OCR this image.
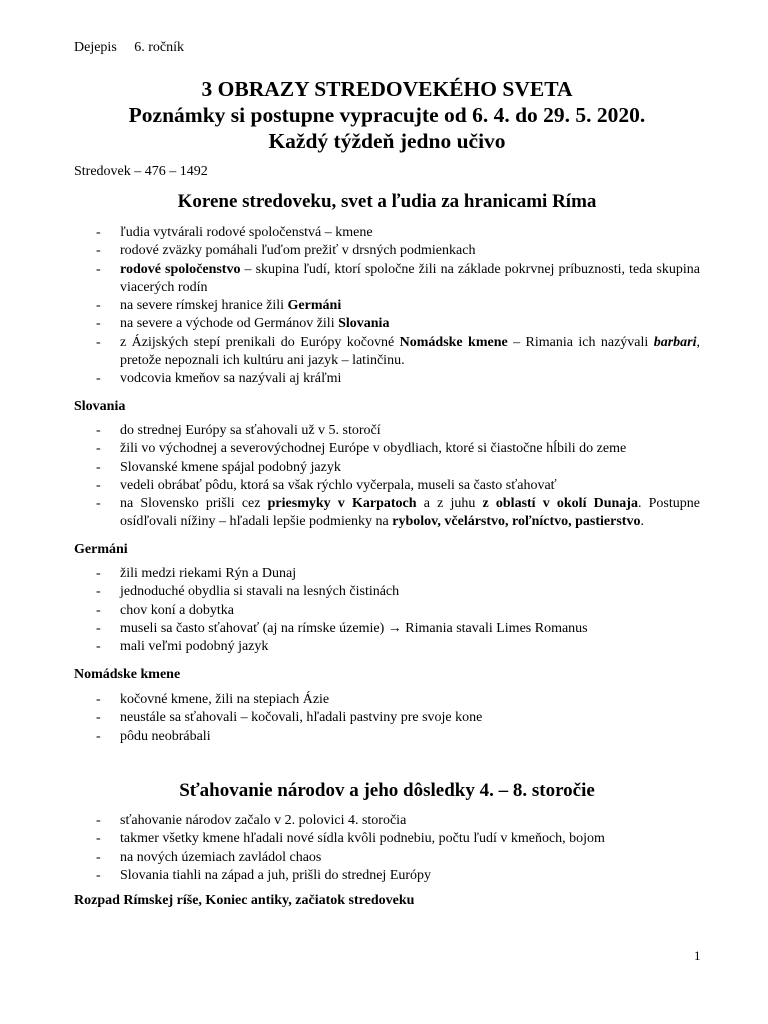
Dejepis 6. ročník
3 OBRAZY STREDOVEKÉHO SVETA
Poznámky si postupne vypracujte od 6. 4. do 29. 5. 2020.
Každý týždeň jedno učivo
Stredovek – 476 – 1492
Korene stredoveku, svet a ľudia za hranicami Ríma
- ľudia vytvárali rodové spoločenstvá – kmene
- rodové zväzky pomáhali ľuďom prežiť v drsných podmienkach
- rodové spoločenstvo – skupina ľudí, ktorí spoločne žili na základe pokrvnej príbuznosti, teda skupina viacerých rodín
- na severe rímskej hranice žili Germáni
- na severe a východe od Germánov žili Slovania
- z Ázijských stepí prenikali do Európy kočovné Nomádske kmene – Rimania ich nazývali barbari, pretože nepoznali ich kultúru ani jazyk – latinčinu.
- vodcovia kmeňov sa nazývali aj kráľmi
Slovania
- do strednej Európy sa sťahovali už v 5. storočí
- žili vo východnej a severovýchodnej Európe v obydliach, ktoré si čiastočne hĺbili do zeme
- Slovanské kmene spájal podobný jazyk
- vedeli obrábať pôdu, ktorá sa však rýchlo vyčerpala, museli sa často sťahovať
- na Slovensko prišli cez priesmyky v Karpatoch a z juhu z oblastí v okolí Dunaja. Postupne osídľovali nížiny – hľadali lepšie podmienky na rybolov, včelárstvo, roľníctvo, pastierstvo.
Germáni
- žili medzi riekami Rýn a Dunaj
- jednoduché obydlia si stavali na lesných čistinách
- chov koní a dobytka
- museli sa často sťahovať (aj na rímske územie) → Rimania stavali Limes Romanus
- mali veľmi podobný jazyk
Nomádske kmene
- kočovné kmene, žili na stepiach Ázie
- neustále sa sťahovali – kočovali, hľadali pastviny pre svoje kone
- pôdu neobrábali
Sťahovanie národov a jeho dôsledky 4. – 8. storočie
- sťahovanie národov začalo v 2. polovici 4. storočia
- takmer všetky kmene hľadali nové sídla kvôli podnebiu, počtu ľudí v kmeňoch, bojom
- na nových územiach zavládol chaos
- Slovania tiahli na západ a juh, prišli do strednej Európy
Rozpad Rímskej ríše, Koniec antiky, začiatok stredoveku
1
